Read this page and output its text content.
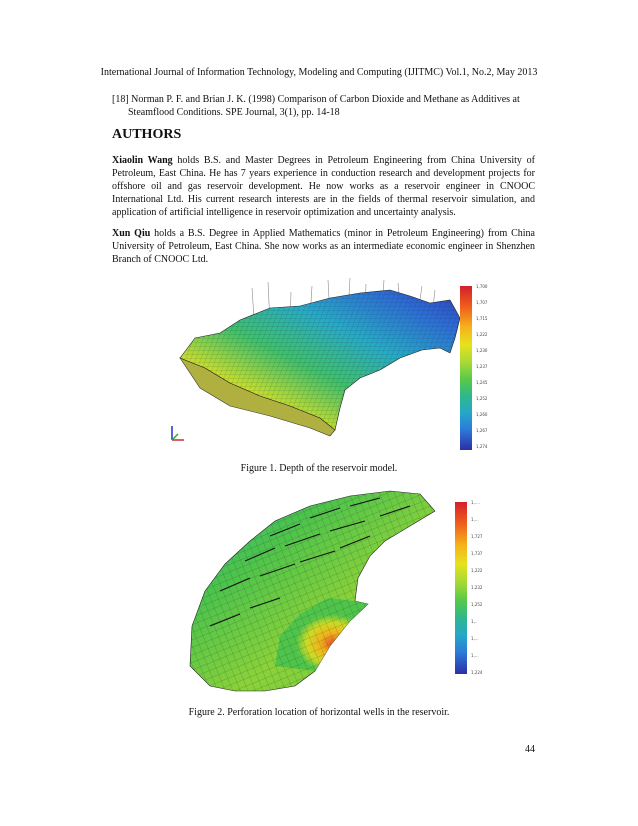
International Journal of Information Technology, Modeling and Computing (IJITMC) Vol.1, No.2, May 2013
[18] Norman P. F. and Brian J. K. (1998) Comparison of Carbon Dioxide and Methane as Additives at
Steamflood Conditions. SPE Journal, 3(1), pp. 14-18
AUTHORS
Xiaolin Wang holds B.S. and Master Degrees in Petroleum Engineering from China University of Petroleum, East China. He has 7 years experience in conduction research and development projects for offshore oil and gas reservoir development. He now works as a reservoir engineer in CNOOC International Ltd. His current research interests are in the fields of thermal reservoir simulation, and application of artificial intelligence in reservoir optimization and uncertainty analysis.
Xun Qiu holds a B.S. Degree in Applied Mathematics (minor in Petroleum Engineering) from China University of Petroleum, East China. She now works as an intermediate economic engineer in Shenzhen Branch of CNOOC Ltd.
1,700
1,707
1,715
1,222
1,230
1,237
1,245
1,252
1,260
1,267
1,274
Figure 1. Depth of the reservoir model.
1,....
1,...
1,727
1,737
1,222
1,232
1,252
1,..
1,...
1,...
1,224
Figure 2. Perforation location of horizontal wells in the reservoir.
44
